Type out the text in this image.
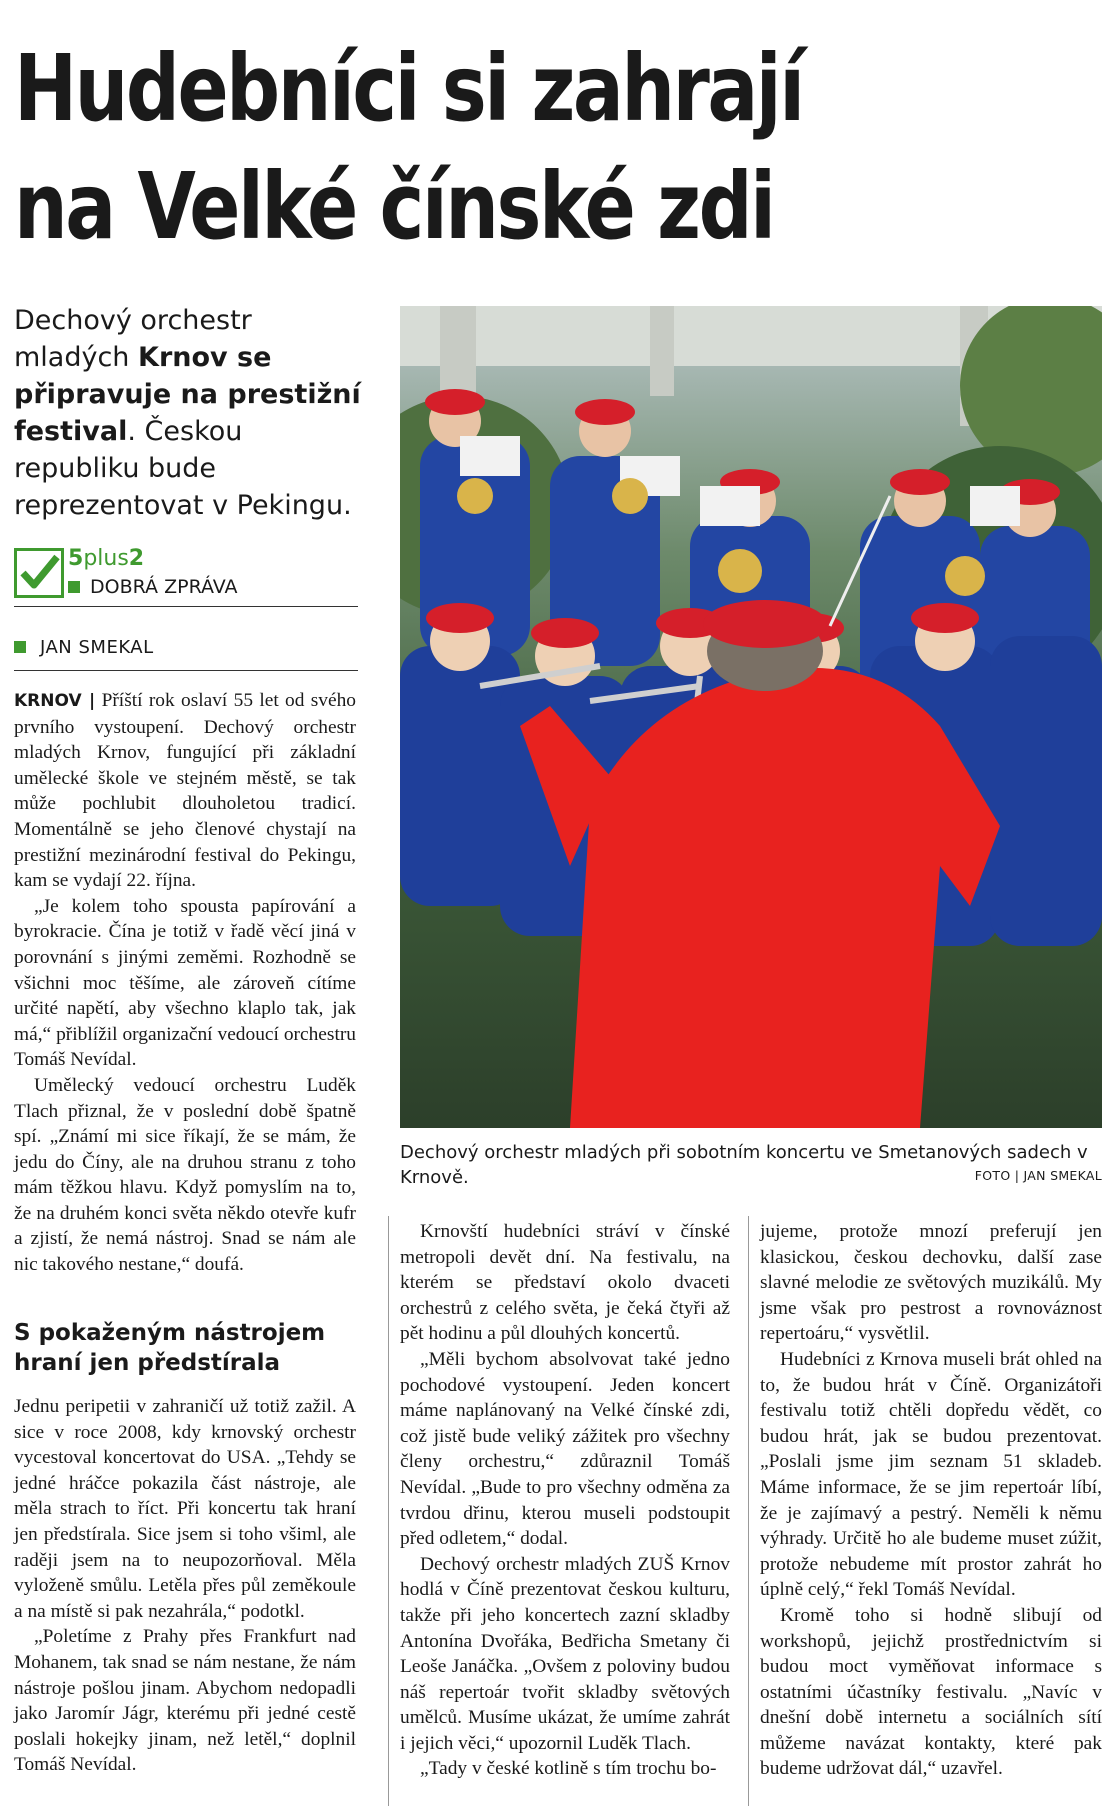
Hudebníci si zahrají
na Velké čínské zdi
Dechový orchestr mladých Krnov se připravuje na prestižní festival. Českou republiku bude reprezentovat v Pekingu.
5plus2
DOBRÁ ZPRÁVA
JAN SMEKAL

KRNOV | Příští rok oslaví 55 let od svého prvního vystoupení. Dechový orchestr mladých Krnov, fungující při základní umělecké škole ve stejném městě, se tak může pochlubit dlouholetou tradicí. Momentálně se jeho členové chystají na prestižní mezinárodní festival do Pekingu, kam se vydají 22. října.

„Je kolem toho spousta papírování a byrokracie. Čína je totiž v řadě věcí jiná v porovnání s jinými zeměmi. Rozhodně se všichni moc těšíme, ale zároveň cítíme určité napětí, aby všechno klaplo tak, jak má,“ přiblížil organizační vedoucí orchestru Tomáš Nevídal.

Umělecký vedoucí orchestru Luděk Tlach přiznal, že v poslední době špatně spí. „Známí mi sice říkají, že se mám, že jedu do Číny, ale na druhou stranu z toho mám těžkou hlavu. Když pomyslím na to, že na druhém konci světa někdo otevře kufr a zjistí, že nemá nástroj. Snad se nám ale nic takového nestane,“ doufá.

S pokaženým nástrojem hraní jen předstírala

Jednu peripetii v zahraničí už totiž zažil. A sice v roce 2008, kdy krnovský orchestr vycestoval koncertovat do USA. „Tehdy se jedné hráčce pokazila část nástroje, ale měla strach to říct. Při koncertu tak hraní jen předstírala. Sice jsem si toho všiml, ale raději jsem na to neupozorňoval. Měla vyloženě smůlu. Letěla přes půl zeměkoule a na místě si pak nezahrála,“ podotkl.

„Poletíme z Prahy přes Frankfurt nad Mohanem, tak snad se nám nestane, že nám nástroje pošlou jinam. Abychom nedopadli jako Jaromír Jágr, kterému při jedné cestě poslali hokejky jinam, než letěl,“ doplnil Tomáš Nevídal.

Dechový orchestr mladých při sobotním koncertu ve Smetanových sadech v Krnově.	FOTO | JAN SMEKAL

Krnovští hudebníci stráví v čínské metropoli devět dní. Na festivalu, na kterém se představí okolo dvaceti orchestrů z celého světa, je čeká čtyři až pět hodinu a půl dlouhých koncertů.

„Měli bychom absolvovat také jedno pochodové vystoupení. Jeden koncert máme naplánovaný na Velké čínské zdi, což jistě bude veliký zážitek pro všechny členy orchestru,“ zdůraznil Tomáš Nevídal. „Bude to pro všechny odměna za tvrdou dřinu, kterou museli podstoupit před odletem,“ dodal.

Dechový orchestr mladých ZUŠ Krnov hodlá v Číně prezentovat českou kulturu, takže při jeho koncertech zazní skladby Antonína Dvořáka, Bedřicha Smetany či Leoše Janáčka. „Ovšem z poloviny budou náš repertoár tvořit skladby světových umělců. Musíme ukázat, že umíme zahrát i jejich věci,“ upozornil Luděk Tlach.

„Tady v české kotlině s tím trochu bo-

jujeme, protože mnozí preferují jen klasickou, českou dechovku, další zase slavné melodie ze světových muzikálů. My jsme však pro pestrost a rovnováznost repertoáru,“ vysvětlil.

Hudebníci z Krnova museli brát ohled na to, že budou hrát v Číně. Organizátoři festivalu totiž chtěli dopředu vědět, co budou hrát, jak se budou prezentovat. „Poslali jsme jim seznam 51 skladeb. Máme informace, že se jim repertoár líbí, že je zajímavý a pestrý. Neměli k němu výhrady. Určitě ho ale budeme muset zúžit, protože nebudeme mít prostor zahrát ho úplně celý,“ řekl Tomáš Nevídal.

Kromě toho si hodně slibují od workshopů, jejichž prostřednictvím si budou moct vyměňovat informace s ostatními účastníky festivalu. „Navíc v dnešní době internetu a sociálních sítí můžeme navázat kontakty, které pak budeme udržovat dál,“ uzavřel.
